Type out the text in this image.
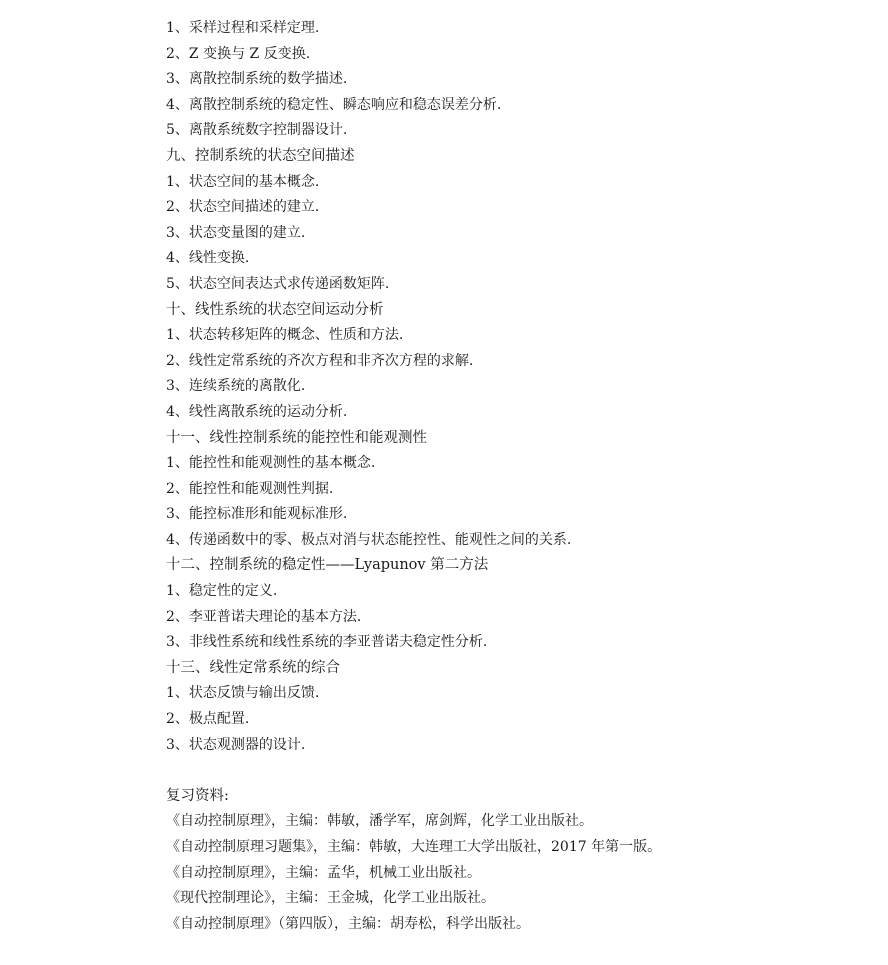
1、采样过程和采样定理.
2、Z 变换与 Z 反变换.
3、离散控制系统的数学描述.
4、离散控制系统的稳定性、瞬态响应和稳态误差分析.
5、离散系统数字控制器设计.
九、控制系统的状态空间描述
1、状态空间的基本概念.
2、状态空间描述的建立.
3、状态变量图的建立.
4、线性变换.
5、状态空间表达式求传递函数矩阵.
十、线性系统的状态空间运动分析
1、状态转移矩阵的概念、性质和方法.
2、线性定常系统的齐次方程和非齐次方程的求解.
3、连续系统的离散化.
4、线性离散系统的运动分析.
十一、线性控制系统的能控性和能观测性
1、能控性和能观测性的基本概念.
2、能控性和能观测性判据.
3、能控标准形和能观标准形.
4、传递函数中的零、极点对消与状态能控性、能观性之间的关系.
十二、控制系统的稳定性——Lyapunov 第二方法
1、稳定性的定义.
2、李亚普诺夫理论的基本方法.
3、非线性系统和线性系统的李亚普诺夫稳定性分析.
十三、线性定常系统的综合
1、状态反馈与输出反馈.
2、极点配置.
3、状态观测器的设计.
复习资料:
《自动控制原理》，主编：韩敏，潘学军，席剑辉，化学工业出版社。
《自动控制原理习题集》，主编：韩敏，大连理工大学出版社，2017 年第一版。
《自动控制原理》，主编：孟华，机械工业出版社。
《现代控制理论》，主编：王金城，化学工业出版社。
《自动控制原理》（第四版），主编：胡寿松，科学出版社。
